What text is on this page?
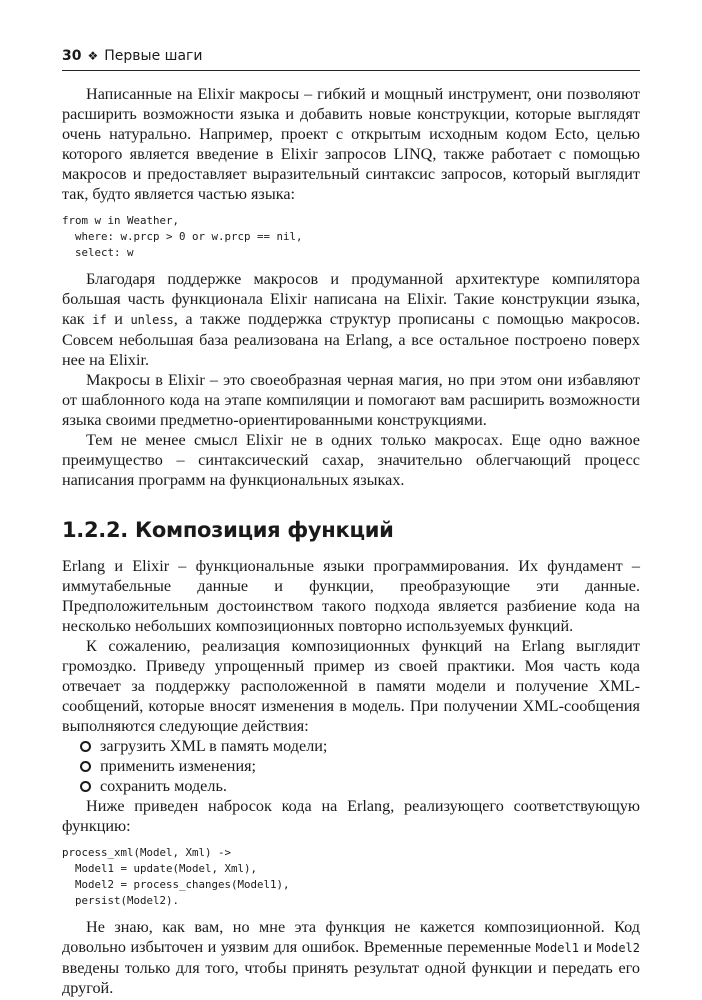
30 ❖ Первые шаги

Написанные на Elixir макросы – гибкий и мощный инструмент, они позволяют расширить возможности языка и добавить новые конструкции, которые выглядят очень натурально. Например, проект с открытым исходным кодом Ecto, целью которого является введение в Elixir запросов LINQ, также работает с помощью макросов и предоставляет выразительный синтаксис запросов, который выглядит так, будто является частью языка:

from w in Weather,
where: w.prcp > 0 or w.prcp == nil,
select: w

Благодаря поддержке макросов и продуманной архитектуре компилятора большая часть функционала Elixir написана на Elixir. Такие конструкции языка, как if и unless, а также поддержка структур прописаны с помощью макросов. Совсем небольшая база реализована на Erlang, а все остальное построено поверх нее на Elixir.

Макросы в Elixir – это своеобразная черная магия, но при этом они избавляют от шаблонного кода на этапе компиляции и помогают вам расширить возможности языка своими предметно-ориентированными конструкциями.

Тем не менее смысл Elixir не в одних только макросах. Еще одно важное преимущество – синтаксический сахар, значительно облегчающий процесс написания программ на функциональных языках.

1.2.2. Композиция функций

Erlang и Elixir – функциональные языки программирования. Их фундамент – иммутабельные данные и функции, преобразующие эти данные. Предположительным достоинством такого подхода является разбиение кода на несколько небольших композиционных повторно используемых функций.

К сожалению, реализация композиционных функций на Erlang выглядит громоздко. Приведу упрощенный пример из своей практики. Моя часть кода отвечает за поддержку расположенной в памяти модели и получение XML-сообщений, которые вносят изменения в модель. При получении XML-сообщения выполняются следующие действия:

загрузить XML в память модели;
применить изменения;
сохранить модель.

Ниже приведен набросок кода на Erlang, реализующего соответствующую функцию:

process_xml(Model, Xml) ->
Model1 = update(Model, Xml),
Model2 = process_changes(Model1),
persist(Model2).

Не знаю, как вам, но мне эта функция не кажется композиционной. Код довольно избыточен и уязвим для ошибок. Временные переменные Model1 и Model2 введены только для того, чтобы принять результат одной функции и передать его другой.
